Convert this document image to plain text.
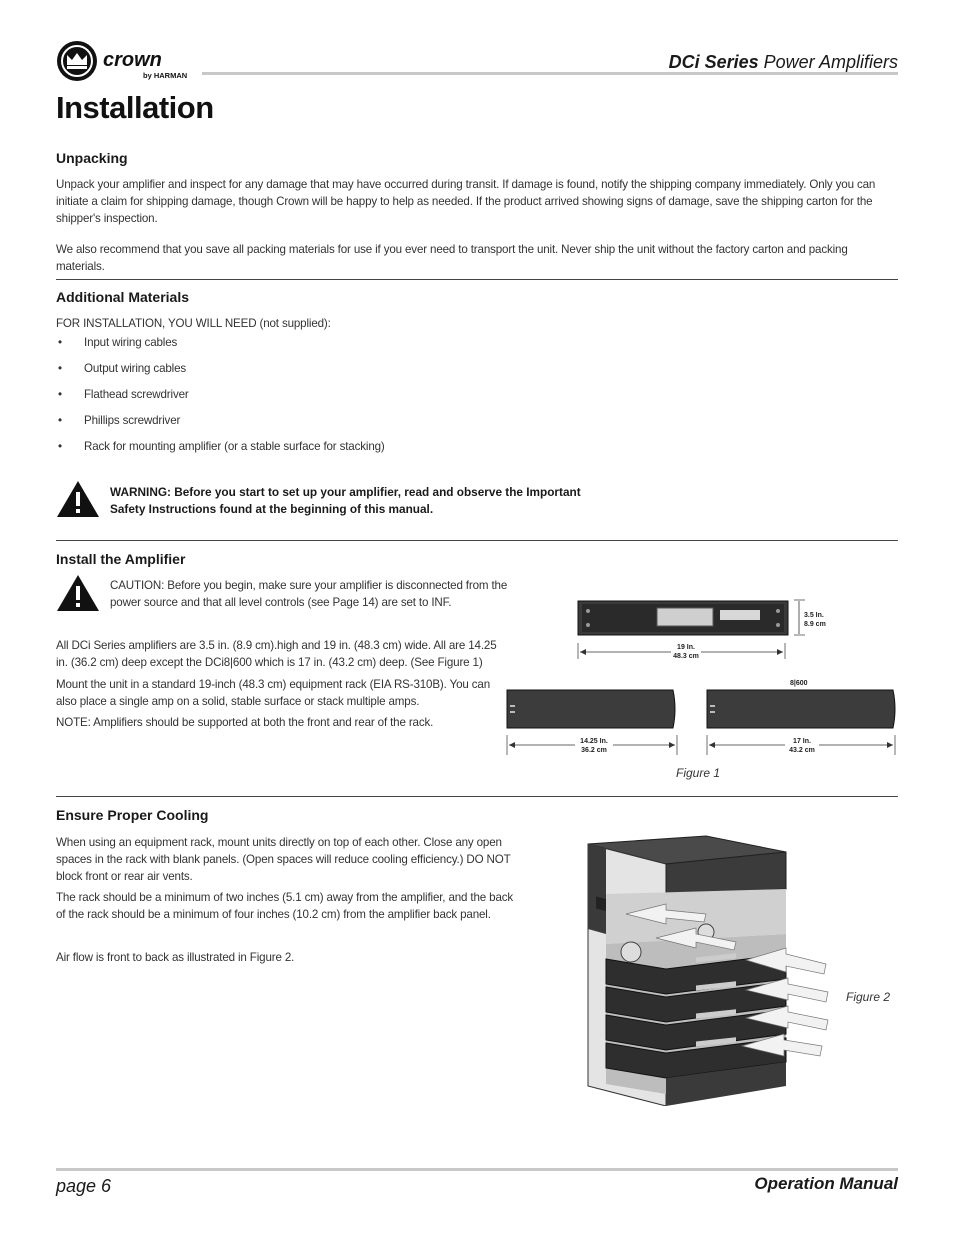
crown
by HARMAN
DCi Series Power Amplifiers
Installation
Unpacking

Unpack your amplifier and inspect for any damage that may have occurred during transit. If damage is found, notify the shipping company immediately. Only you can initiate a claim for shipping damage, though Crown will be happy to help as needed. If the product arrived showing signs of damage, save the shipping carton for the shipper's inspection.

We also recommend that you save all packing materials for use if you ever need to transport the unit. Never ship the unit without the factory carton and packing materials.

Additional Materials

FOR INSTALLATION, YOU WILL NEED (not supplied):

• Input wiring cables
• Output wiring cables
• Flathead screwdriver
• Phillips screwdriver
• Rack for mounting amplifier (or a stable surface for stacking)
WARNING: Before you start to set up your amplifier, read and observe the Important
Safety Instructions found at the beginning of this manual.
Install the Amplifier
CAUTION: Before you begin, make sure your amplifier is disconnected from the
power source and that all level controls (see Page 14) are set to INF.

All DCi Series amplifiers are 3.5 in. (8.9 cm).high and 19 in. (48.3 cm) wide. All are 14.25 in. (36.2 cm) deep except the DCi8|600 which is 17 in. (43.2 cm) deep. (See Figure 1)

Mount the unit in a standard 19-inch (48.3 cm) equipment rack (EIA RS-310B). You can also place a single amp on a solid, stable surface or stack multiple amps.

NOTE: Amplifiers should be supported at both the front and rear of the rack.

3.5 In.
8.9 cm
19 In.
48.3 cm
8|600
14.25 In.
36.2 cm
17 In.
43.2 cm
Figure 1
Ensure Proper Cooling

When using an equipment rack, mount units directly on top of each other. Close any open spaces in the rack with blank panels. (Open spaces will reduce cooling efficiency.) DO NOT block front or rear air vents.

The rack should be a minimum of two inches (5.1 cm) away from the amplifier, and the back of the rack should be a minimum of four inches (10.2 cm) from the amplifier back panel.

Air flow is front to back as illustrated in Figure 2.

Figure 2
page 6	Operation Manual
